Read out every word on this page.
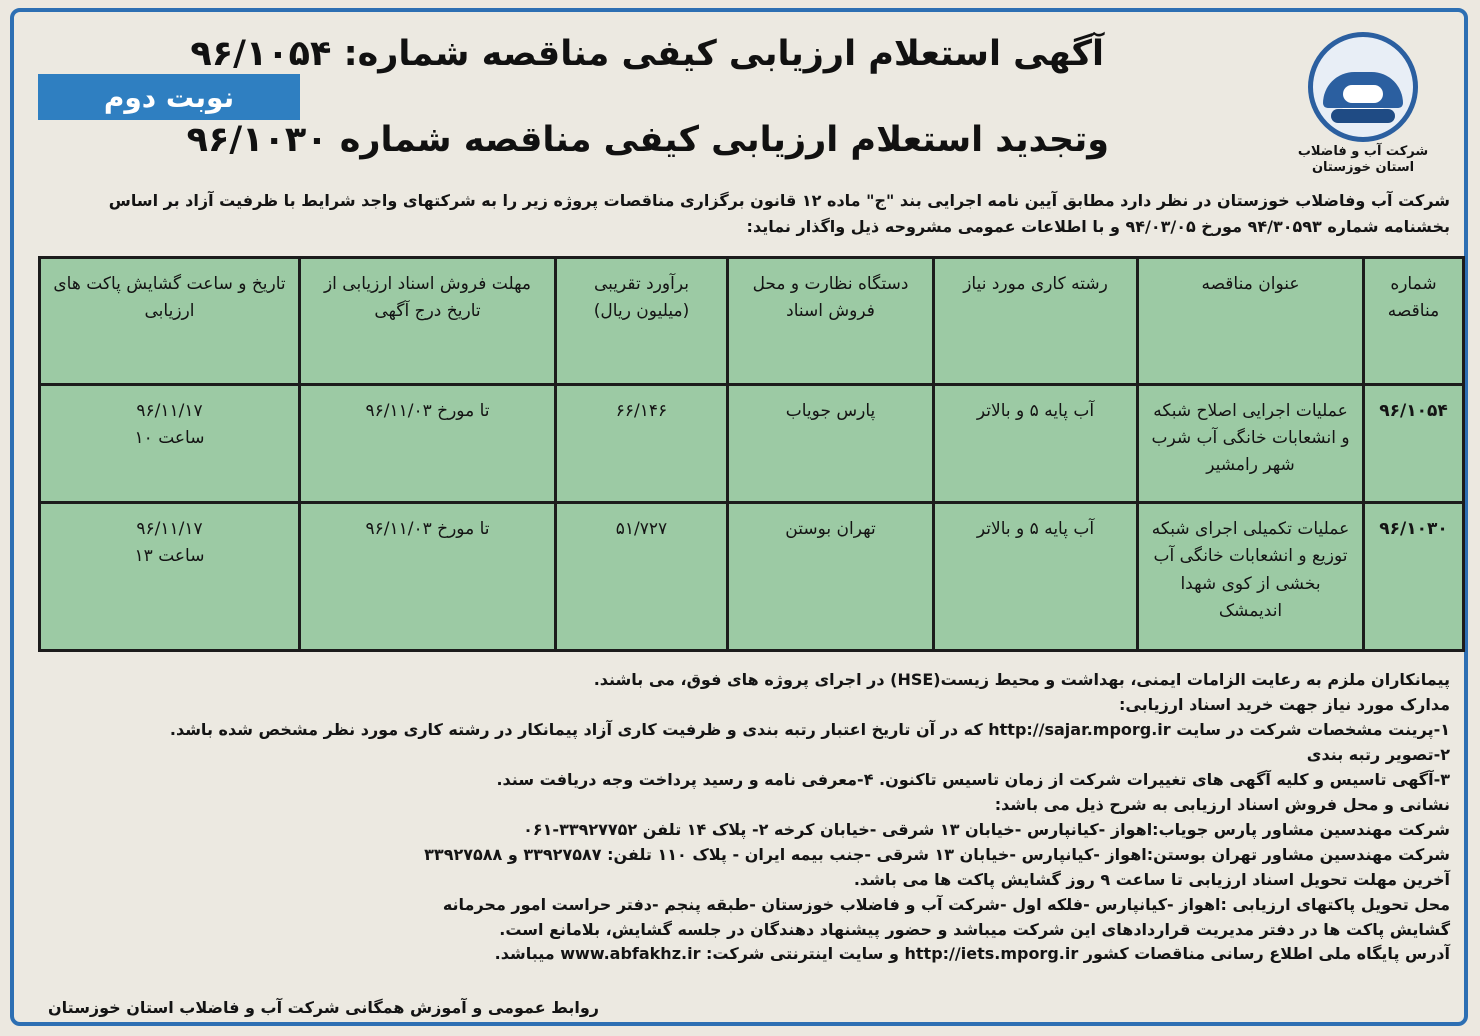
شرکت آب و فاضلاب
استان خوزستان
آگهی استعلام ارزیابی کیفی مناقصه شماره: ۹۶/۱۰۵۴
وتجدید استعلام ارزیابی کیفی مناقصه شماره ۹۶/۱۰۳۰
نوبت دوم
شرکت آب وفاضلاب خوزستان در نظر دارد مطابق آیین نامه اجرایی بند "ج" ماده ۱۲ قانون برگزاری مناقصات پروژه زیر را به شرکتهای واجد شرایط با ظرفیت آزاد بر اساس بخشنامه شماره ۹۴/۳۰۵۹۳ مورخ ۹۴/۰۳/۰۵ و با اطلاعات عمومی مشروحه ذیل واگذار نماید:
شماره مناقصه	عنوان مناقصه	رشته کاری مورد نیاز	دستگاه نظارت و محل فروش اسناد	برآورد تقریبی (میلیون ریال)	مهلت فروش اسناد ارزیابی از تاریخ درج آگهی	تاریخ و ساعت گشایش پاکت های ارزیابی
۹۶/۱۰۵۴	عملیات اجرایی اصلاح شبکه و انشعابات خانگی آب شرب شهر رامشیر	آب پایه ۵ و بالاتر	پارس جویاب	۶۶/۱۴۶	تا مورخ ۹۶/۱۱/۰۳	۹۶/۱۱/۱۷
ساعت ۱۰

۹۶/۱۰۳۰	عملیات تکمیلی اجرای شبکه توزیع و انشعابات خانگی آب بخشی از کوی شهدا اندیمشک	آب پایه ۵ و بالاتر	تهران بوستن	۵۱/۷۲۷	تا مورخ ۹۶/۱۱/۰۳	۹۶/۱۱/۱۷
ساعت ۱۳

پیمانکاران ملزم به رعایت الزامات ایمنی، بهداشت و محیط زیست(HSE) در اجرای پروژه های فوق، می باشند.

مدارک مورد نیاز جهت خرید اسناد ارزیابی:

۱-پرینت مشخصات شرکت در سایت http://sajar.mporg.ir که در آن تاریخ اعتبار رتبه بندی و ظرفیت کاری آزاد پیمانکار در رشته کاری مورد نظر مشخص شده باشد.

۲-تصویر رتبه بندی

۳-آگهی تاسیس و کلیه آگهی های تغییرات شرکت از زمان تاسیس تاکنون. ۴-معرفی نامه و رسید پرداخت وجه دریافت سند.

نشانی و محل فروش اسناد ارزیابی به شرح ذیل می باشد:

شرکت مهندسین مشاور پارس جویاب:اهواز -کیانپارس -خیابان ۱۳ شرقی -خیابان کرخه ۲- پلاک ۱۴ تلفن ۳۳۹۲۷۷۵۲-۰۶۱

شرکت مهندسین مشاور تهران بوستن:اهواز -کیانپارس -خیابان ۱۳ شرقی -جنب بیمه ایران - پلاک ۱۱۰ تلفن: ۳۳۹۲۷۵۸۷ و ۳۳۹۲۷۵۸۸

آخرین مهلت تحویل اسناد ارزیابی تا ساعت ۹ روز گشایش پاکت ها می باشد.

محل تحویل پاکتهای ارزیابی :اهواز -کیانپارس -فلکه اول -شرکت آب و فاضلاب خوزستان -طبقه پنجم -دفتر حراست امور محرمانه

گشایش پاکت ها در دفتر مدیریت قراردادهای این شرکت میباشد و حضور پیشنهاد دهندگان در جلسه گشایش، بلامانع است.

آدرس پایگاه ملی اطلاع رسانی مناقصات کشور http://iets.mporg.ir و سایت اینترنتی شرکت: www.abfakhz.ir میباشد.

روابط عمومی و آموزش همگانی شرکت آب و فاضلاب استان خوزستان
